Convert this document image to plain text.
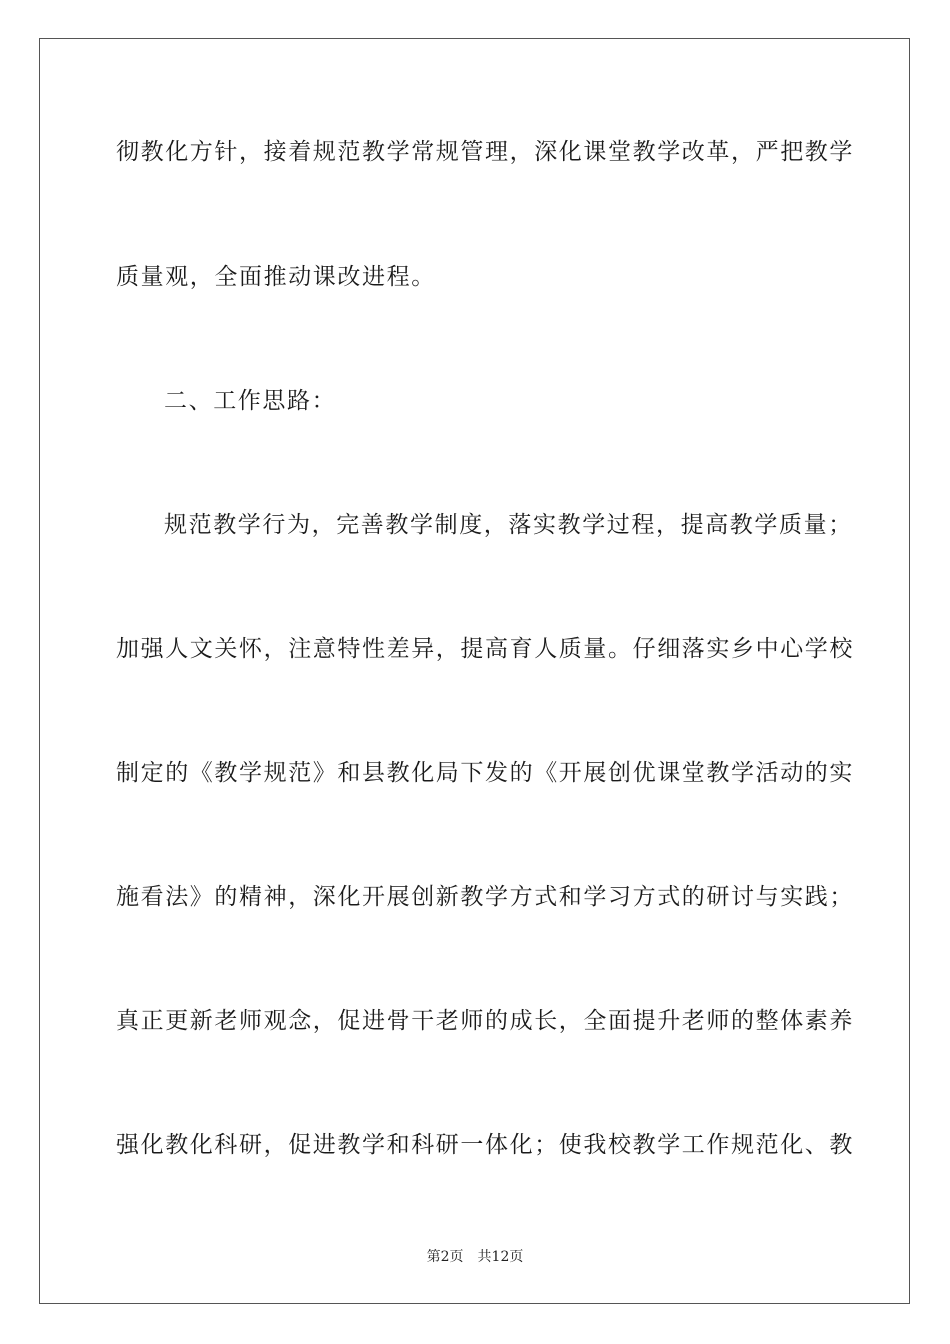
彻教化方针，接着规范教学常规管理，深化课堂教学改革，严把教学
质量观，全面推动课改进程。
二、工作思路：
规范教学行为，完善教学制度，落实教学过程，提高教学质量；
加强人文关怀，注意特性差异，提高育人质量。仔细落实乡中心学校
制定的《教学规范》和县教化局下发的《开展创优课堂教学活动的实
施看法》的精神，深化开展创新教学方式和学习方式的研讨与实践；
真正更新老师观念，促进骨干老师的成长，全面提升老师的整体素养
强化教化科研，促进教学和科研一体化；使我校教学工作规范化、教
第2页 共12页
